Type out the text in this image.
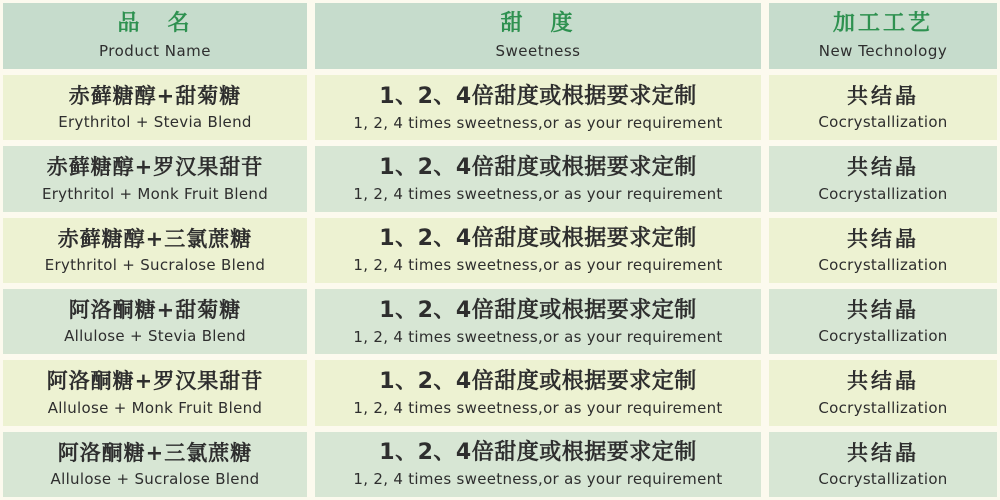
品　名
Product Name
甜　度
Sweetness
加工工艺
New Technology
赤藓糖醇+甜菊糖
Erythritol + Stevia Blend
1、2、4倍甜度或根据要求定制
1, 2, 4 times sweetness,or as your requirement
共结晶
Cocrystallization
赤藓糖醇+罗汉果甜苷
Erythritol + Monk Fruit Blend
1、2、4倍甜度或根据要求定制
1, 2, 4 times sweetness,or as your requirement
共结晶
Cocrystallization
赤藓糖醇+三氯蔗糖
Erythritol + Sucralose Blend
1、2、4倍甜度或根据要求定制
1, 2, 4 times sweetness,or as your requirement
共结晶
Cocrystallization
阿洛酮糖+甜菊糖
Allulose + Stevia Blend
1、2、4倍甜度或根据要求定制
1, 2, 4 times sweetness,or as your requirement
共结晶
Cocrystallization
阿洛酮糖+罗汉果甜苷
Allulose + Monk Fruit Blend
1、2、4倍甜度或根据要求定制
1, 2, 4 times sweetness,or as your requirement
共结晶
Cocrystallization
阿洛酮糖+三氯蔗糖
Allulose + Sucralose Blend
1、2、4倍甜度或根据要求定制
1, 2, 4 times sweetness,or as your requirement
共结晶
Cocrystallization
